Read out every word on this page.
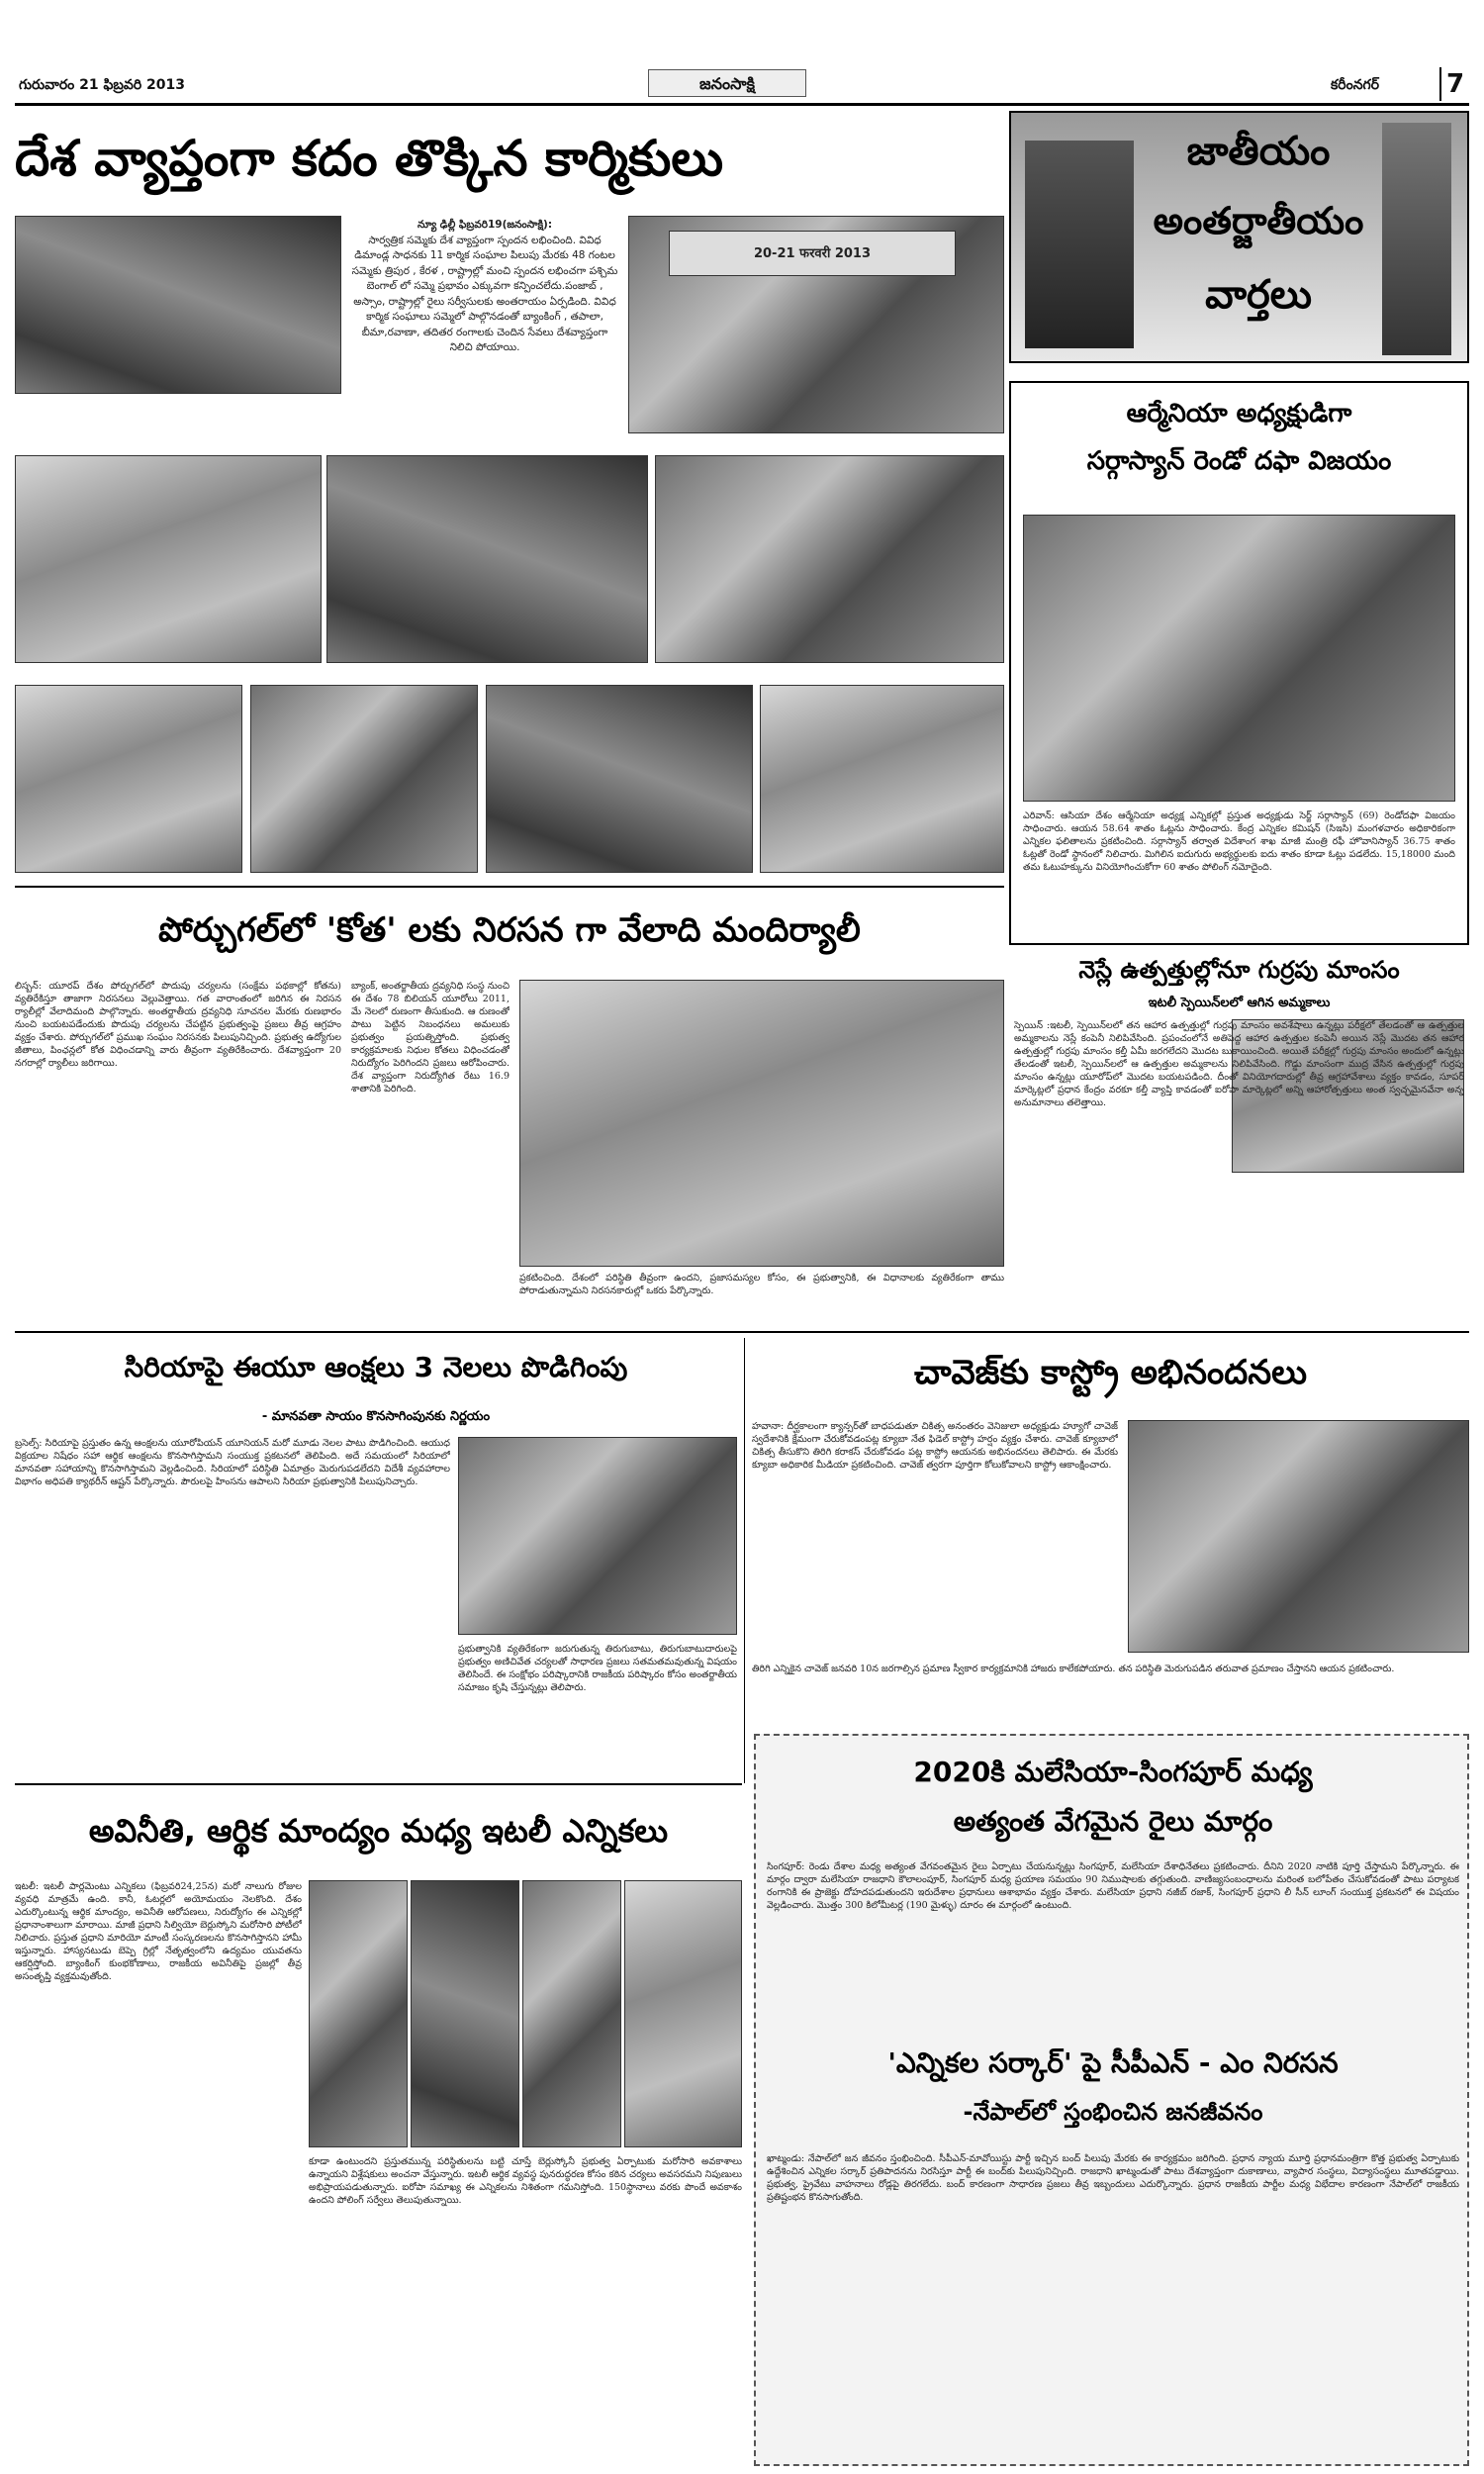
గురువారం 21 ఫిబ్రవరి 2013	జనంసాక్షి	కరీంనగర్	7
దేశ వ్యాప్తంగా కదం తొక్కిన కార్మికులు
న్యూ ఢిల్లీ ఫిబ్రవరి19(జనంసాక్షి):
సార్వత్రిక సమ్మెకు దేశ వ్యాప్తంగా స్పందన లభించింది. వివిధ డిమాండ్ల సాధనకు 11 కార్మిక సంఘాల పిలుపు మేరకు 48 గంటల సమ్మెకు త్రిపుర , కేరళ , రాష్ట్రాల్లో మంచి స్పందన లభించగా పశ్చిమ బెంగాల్ లో సమ్మె ప్రభావం ఎక్కువగా కన్పించలేదు.పంజాబ్ , అస్సాం, రాష్ట్రాల్లో రైలు సర్వీసులకు అంతరాయం ఏర్పడింది. వివిధ కార్మిక సంఘాలు సమ్మెలో పాల్గొనడంతో బ్యాంకింగ్ , తపాలా, బీమా,రవాణా, తదితర రంగాలకు చెందిన సేవలు దేశవ్యాప్తంగా నిలిచి పోయాయి.
20-21 फरवरी 2013
జాతీయం
అంతర్జాతీయం
వార్తలు
ఆర్మేనియా అధ్యక్షుడిగా
సర్గాస్యాన్ రెండో దఫా విజయం
ఎరివాన్: ఆసియా దేశం ఆర్మేనియా అధ్యక్ష ఎన్నికల్లో ప్రస్తుత అధ్యక్షుడు సెర్జ్ సర్గాస్యాన్ (69) రెండోదఫా విజయం సాధించారు. ఆయన 58.64 శాతం ఓట్లను సాధించారు. కేంద్ర ఎన్నికల కమిషన్ (సిఇసి) మంగళవారం అధికారికంగా ఎన్నికల ఫలితాలను ప్రకటించింది. సర్గాస్యాన్ తర్వాత విదేశాంగ శాఖ మాజీ మంత్రి రఫీ హొవానిస్యాన్ 36.75 శాతం ఓట్లతో రెండో స్థానంలో నిలిచారు. మిగిలిన ఐదుగురు అభ్యర్థులకు ఐదు శాతం కూడా ఓట్లు పడలేదు. 15,18000 మంది తమ ఓటుహక్కును వినియోగించుకోగా 60 శాతం పోలింగ్ నమోదైంది.
నెస్లే ఉత్పత్తుల్లోనూ గుర్రపు మాంసం
ఇటలీ స్పెయిన్‌లలో ఆగిన అమ్మకాలు
స్పెయిన్ :ఇటలీ, స్పెయిన్‌లలో తన ఆహార ఉత్పత్తుల్లో గుర్రపు మాంసం అవశేషాలు ఉన్నట్లు పరీక్షలో తేలడంతో ఆ ఉత్పత్తుల అమ్మకాలను నెస్లే కంపెనీ నిలిపివేసింది. ప్రపంచంలోనే అతిపెద్ద ఆహార ఉత్పత్తుల కంపెనీ అయిన నెస్లే మొదట తన ఆహార ఉత్పత్తుల్లో గుర్రపు మాంసం కల్తీ ఏమీ జరగలేదని మొదట బుకాయించింది. అయితే పరీక్షల్లో గుర్రపు మాంసం అందులో ఉన్నట్లు తేలడంతో ఇటలీ, స్పెయిన్‌లలో ఆ ఉత్పత్తుల అమ్మకాలను నిలిపివేసింది. గొడ్డు మాంసంగా ముద్ర వేసిన ఉత్పత్తుల్లో గుర్రపు మాంసం ఉన్నట్లు యూరోప్‌లో మొదట బయటపడింది. దీంతో వినియోగదారుల్లో తీవ్ర ఆగ్రహావేశాలు వ్యక్తం కావడం, సూపర్ మార్కెట్లలో ప్రధాన కేంద్రం వరకూ కల్తీ వ్యాప్తి కావడంతో ఐరోపా మార్కెట్లలో అన్ని ఆహారోత్పత్తులు అంత స్వచ్ఛమైనవేనా అన్న అనుమానాలు తలెత్తాయి.
పోర్చుగల్‌లో 'కోత' లకు నిరసన గా వేలాది మందిర్యాలీ
లిస్బన్: యూరప్ దేశం పోర్చుగల్‌లో పొదుపు చర్యలను (సంక్షేమ పథకాల్లో కోతను) వ్యతిరేకిస్తూ తాజాగా నిరసనలు వెల్లువెత్తాయి. గత వారాంతంలో జరిగిన ఈ నిరసన ర్యాలీల్లో వేలాదిమంది పాల్గొన్నారు. అంతర్జాతీయ ద్రవ్యనిధి సూచనల మేరకు రుణభారం నుంచి బయటపడేందుకు పొదుపు చర్యలను చేపట్టిన ప్రభుత్వంపై ప్రజలు తీవ్ర ఆగ్రహం వ్యక్తం చేశారు. పోర్చుగల్‌లో ప్రముఖ సంఘం నిరసనకు పిలుపునిచ్చింది. ప్రభుత్వ ఉద్యోగుల జీతాలు, పింఛన్లలో కోత విధించడాన్ని వారు తీవ్రంగా వ్యతిరేకించారు. దేశవ్యాప్తంగా 20 నగరాల్లో ర్యాలీలు జరిగాయి.
బ్యాంక్, అంతర్జాతీయ ద్రవ్యనిధి సంస్థ నుంచి ఈ దేశం 78 బిలియన్ యూరోలు 2011, మే నెలలో రుణంగా తీసుకుంది. ఆ రుణంతో పాటు పెట్టిన నిబంధనలు అమలుకు ప్రభుత్వం ప్రయత్నిస్తోంది. ప్రభుత్వ కార్యక్రమాలకు నిధుల కోతలు విధించడంతో నిరుద్యోగం పెరిగిందని ప్రజలు ఆరోపించారు. దేశ వ్యాప్తంగా నిరుద్యోగిత రేటు 16.9 శాతానికి పెరిగింది.
ప్రకటించింది. దేశంలో పరిస్థితి తీవ్రంగా ఉందని, ప్రజాసమస్యల కోసం, ఈ ప్రభుత్వానికి, ఈ విధానాలకు వ్యతిరేకంగా తాము పోరాడుతున్నామని నిరసనకారుల్లో ఒకరు పేర్కొన్నారు.
సిరియాపై ఈయూ ఆంక్షలు 3 నెలలు పొడిగింపు
- మానవతా సాయం కొనసాగింపునకు నిర్ణయం
బ్రసెల్స్: సిరియాపై ప్రస్తుతం ఉన్న ఆంక్షలను యూరోపియన్ యూనియన్ మరో మూడు నెలల పాటు పొడిగించింది. ఆయుధ విక్రయాల నిషేధం సహా ఆర్థిక ఆంక్షలను కొనసాగిస్తామని సంయుక్త ప్రకటనలో తెలిపింది. అదే సమయంలో సిరియాలో మానవతా సహాయాన్ని కొనసాగిస్తామని వెల్లడించింది. సిరియాలో పరిస్థితి ఏమాత్రం మెరుగుపడలేదని విదేశీ వ్యవహారాల విభాగం అధిపతి క్యాథరీన్ ఆష్టన్ పేర్కొన్నారు. పౌరులపై హింసను ఆపాలని సిరియా ప్రభుత్వానికి పిలుపునిచ్చారు.
ప్రభుత్వానికి వ్యతిరేకంగా జరుగుతున్న తిరుగుబాటు, తిరుగుబాటుదారులపై ప్రభుత్వం అణిచివేత చర్యలతో సాధారణ ప్రజలు సతమతమవుతున్న విషయం తెలిసిందే. ఈ సంక్షోభం పరిష్కారానికి రాజకీయ పరిష్కారం కోసం అంతర్జాతీయ సమాజం కృషి చేస్తున్నట్లు తెలిపారు.
చావెజ్‌కు కాస్ట్రో అభినందనలు
హవానా: దీర్ఘకాలంగా క్యాన్సర్‌తో బాధపడుతూ చికిత్స అనంతరం వెనిజులా అధ్యక్షుడు హ్యూగో చావెజ్ స్వదేశానికి క్షేమంగా చేరుకోవడంపట్ల క్యూబా నేత ఫిడెల్ కాస్ట్రో హర్షం వ్యక్తం చేశారు. చావెజ్ క్యూబాలో చికిత్స తీసుకొని తిరిగి కరాకస్ చేరుకోవడం పట్ల కాస్ట్రో ఆయనకు అభినందనలు తెలిపారు. ఈ మేరకు క్యూబా అధికారిక మీడియా ప్రకటించింది. చావెజ్ త్వరగా పూర్తిగా కోలుకోవాలని కాస్ట్రో ఆకాంక్షించారు.
తిరిగి ఎన్నికైన చావెజ్ జనవరి 10న జరగాల్సిన ప్రమాణ స్వీకార కార్యక్రమానికి హాజరు కాలేకపోయారు. తన పరిస్థితి మెరుగుపడిన తరువాత ప్రమాణం చేస్తానని ఆయన ప్రకటించారు.
2020కి మలేసియా-సింగపూర్ మధ్య
అత్యంత వేగమైన రైలు మార్గం
సింగపూర్: రెండు దేశాల మధ్య అత్యంత వేగవంతమైన రైలు ఏర్పాటు చేయనున్నట్లు సింగపూర్, మలేసియా దేశాధినేతలు ప్రకటించారు. దీనిని 2020 నాటికి పూర్తి చేస్తామని పేర్కొన్నారు. ఈ మార్గం ద్వారా మలేసియా రాజధాని కౌలాలంపూర్, సింగపూర్ మధ్య ప్రయాణ సమయం 90 నిముషాలకు తగ్గుతుంది. వాణిజ్యసంబంధాలను మరింత బలోపేతం చేసుకోవడంతో పాటు పర్యాటక రంగానికి ఈ ప్రాజెక్టు దోహదపడుతుందని ఇరుదేశాల ప్రధానులు ఆశాభావం వ్యక్తం చేశారు. మలేసియా ప్రధాని నజీబ్ రజాక్, సింగపూర్ ప్రధాని లీ సీన్ లూంగ్ సంయుక్త ప్రకటనలో ఈ విషయం వెల్లడించారు. మొత్తం 300 కిలోమీటర్ల (190 మైళ్ళు) దూరం ఈ మార్గంలో ఉంటుంది.
'ఎన్నికల సర్కార్' పై సీపీఎన్ - ఎం నిరసన
-నేపాల్‌లో స్తంభించిన జనజీవనం
ఖాట్మండు: నేపాల్‌లో జన జీవనం స్తంభించింది. సీపీఎన్-మావోయిస్టు పార్టీ ఇచ్చిన బంద్ పిలుపు మేరకు ఈ కార్యక్రమం జరిగింది. ప్రధాన న్యాయ మూర్తి ప్రధానమంత్రిగా కొత్త ప్రభుత్వ ఏర్పాటుకు ఉద్దేశించిన ఎన్నికల సర్కార్ ప్రతిపాదనను నిరసిస్తూ పార్టీ ఈ బంద్‌కు పిలుపునిచ్చింది. రాజధాని ఖాట్మండుతో పాటు దేశవ్యాప్తంగా దుకాణాలు, వ్యాపార సంస్థలు, విద్యాసంస్థలు మూతపడ్డాయి. ప్రభుత్వ, ప్రైవేటు వాహనాలు రోడ్లపై తిరగలేదు. బంద్ కారణంగా సాధారణ ప్రజలు తీవ్ర ఇబ్బందులు ఎదుర్కొన్నారు. ప్రధాన రాజకీయ పార్టీల మధ్య విభేదాల కారణంగా నేపాల్‌లో రాజకీయ ప్రతిష్టంభన కొనసాగుతోంది.
అవినీతి, ఆర్థిక మాంద్యం మధ్య ఇటలీ ఎన్నికలు
ఇటలీ: ఇటలీ పార్లమెంటు ఎన్నికలు (ఫిబ్రవరి24,25న) మరో నాలుగు రోజుల వ్యవధి మాత్రమే ఉంది. కానీ, ఓటర్లలో అయోమయం నెలకొంది. దేశం ఎదుర్కొంటున్న ఆర్థిక మాంద్యం, అవినీతి ఆరోపణలు, నిరుద్యోగం ఈ ఎన్నికల్లో ప్రధానాంశాలుగా మారాయి. మాజీ ప్రధాని సిల్వియో బెర్లుస్కోని మరోసారి పోటీలో నిలిచారు. ప్రస్తుత ప్రధాని మారియో మాంటీ సంస్కరణలను కొనసాగిస్తానని హామీ ఇస్తున్నారు. హాస్యనటుడు బెప్పె గ్రిల్లో నేతృత్వంలోని ఉద్యమం యువతను ఆకర్షిస్తోంది. బ్యాంకింగ్ కుంభకోణాలు, రాజకీయ అవినీతిపై ప్రజల్లో తీవ్ర అసంతృప్తి వ్యక్తమవుతోంది.
కూడా ఉంటుందని ప్రస్తుతమున్న పరిస్థితులను బట్టి చూస్తే బెర్లుస్కోనీ ప్రభుత్వ ఏర్పాటుకు మరోసారి అవకాశాలు ఉన్నాయని విశ్లేషకులు అంచనా వేస్తున్నారు. ఇటలీ ఆర్థిక వ్యవస్థ పునరుద్ధరణ కోసం కఠిన చర్యలు అవసరమని నిపుణులు అభిప్రాయపడుతున్నారు. ఐరోపా సమాఖ్య ఈ ఎన్నికలను నిశితంగా గమనిస్తోంది. 150స్థానాలు వరకు పొందే అవకాశం ఉందని పోలింగ్ సర్వేలు తెలుపుతున్నాయి.
